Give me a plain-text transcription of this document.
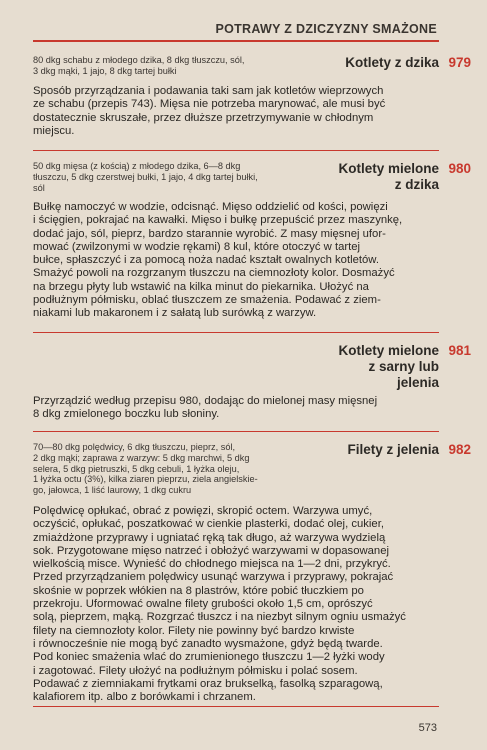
POTRAWY Z DZICZYZNY SMAŻONE
979
Kotlety z dzika
80 dkg schabu z młodego dzika, 8 dkg tłuszczu, sól,
3 dkg mąki, 1 jajo, 8 dkg tartej bułki
Sposób przyrządzania i podawania taki sam jak kotletów wieprzowych
ze schabu (przepis 743). Mięsa nie potrzeba marynować, ale musi być
dostatecznie skruszałe, przez dłuższe przetrzymywanie w chłodnym
miejscu.
980
Kotlety mielone
z dzika
50 dkg mięsa (z kością) z młodego dzika, 6—8 dkg
tłuszczu, 5 dkg czerstwej bułki, 1 jajo, 4 dkg tartej bułki,
sól
Bułkę namoczyć w wodzie, odcisnąć. Mięso oddzielić od kości, powięzi
i ścięgien, pokrajać na kawałki. Mięso i bułkę przepuścić przez maszynkę,
dodać jajo, sól, pieprz, bardzo starannie wyrobić. Z masy mięsnej ufor-
mować (zwilzonymi w wodzie rękami) 8 kul, które otoczyć w tartej
bułce, spłaszczyć i za pomocą noża nadać kształt owalnych kotletów.
Smażyć powoli na rozgrzanym tłuszczu na ciemnozłoty kolor. Dosmażyć
na brzegu płyty lub wstawić na kilka minut do piekarnika. Ułożyć na
podłużnym półmisku, oblać tłuszczem ze smażenia. Podawać z ziem-
niakami lub makaronem i z sałatą lub surówką z warzyw.
981
Kotlety mielone
z sarny lub
jelenia
Przyrządzić według przepisu 980, dodając do mielonej masy mięsnej
8 dkg zmielonego boczku lub słoniny.
982
Filety z jelenia
70—80 dkg polędwicy, 6 dkg tłuszczu, pieprz, sól,
2 dkg mąki; zaprawa z warzyw: 5 dkg marchwi, 5 dkg
selera, 5 dkg pietruszki, 5 dkg cebuli, 1 łyżka oleju,
1 łyżka octu (3%), kilka ziaren pieprzu, ziela angielskie-
go, jałowca, 1 liść laurowy, 1 dkg cukru
Polędwicę opłukać, obrać z powięzi, skropić octem. Warzywa umyć,
oczyścić, opłukać, poszatkować w cienkie plasterki, dodać olej, cukier,
zmiażdżone przyprawy i ugniatać ręką tak długo, aż warzywa wydzielą
sok. Przygotowane mięso natrzeć i obłożyć warzywami w dopasowanej
wielkością misce. Wynieść do chłodnego miejsca na 1—2 dni, przykryć.
Przed przyrządzaniem polędwicy usunąć warzywa i przyprawy, pokrajać
skośnie w poprzek włókien na 8 plastrów, które pobić tłuczkiem po
przekroju. Uformować owalne filety grubości około 1,5 cm, oprószyć
solą, pieprzem, mąką. Rozgrzać tłuszcz i na niezbyt silnym ogniu usmażyć
filety na ciemnozłoty kolor. Filety nie powinny być bardzo krwiste
i równocześnie nie mogą być zanadto wysmażone, gdyż będą twarde.
Pod koniec smażenia wlać do zrumienionego tłuszczu 1—2 łyżki wody
i zagotować. Filety ułożyć na podłużnym półmisku i polać sosem.
Podawać z ziemniakami frytkami oraz brukselką, fasolką szparagową,
kalafiorem itp. albo z borówkami i chrzanem.
573
